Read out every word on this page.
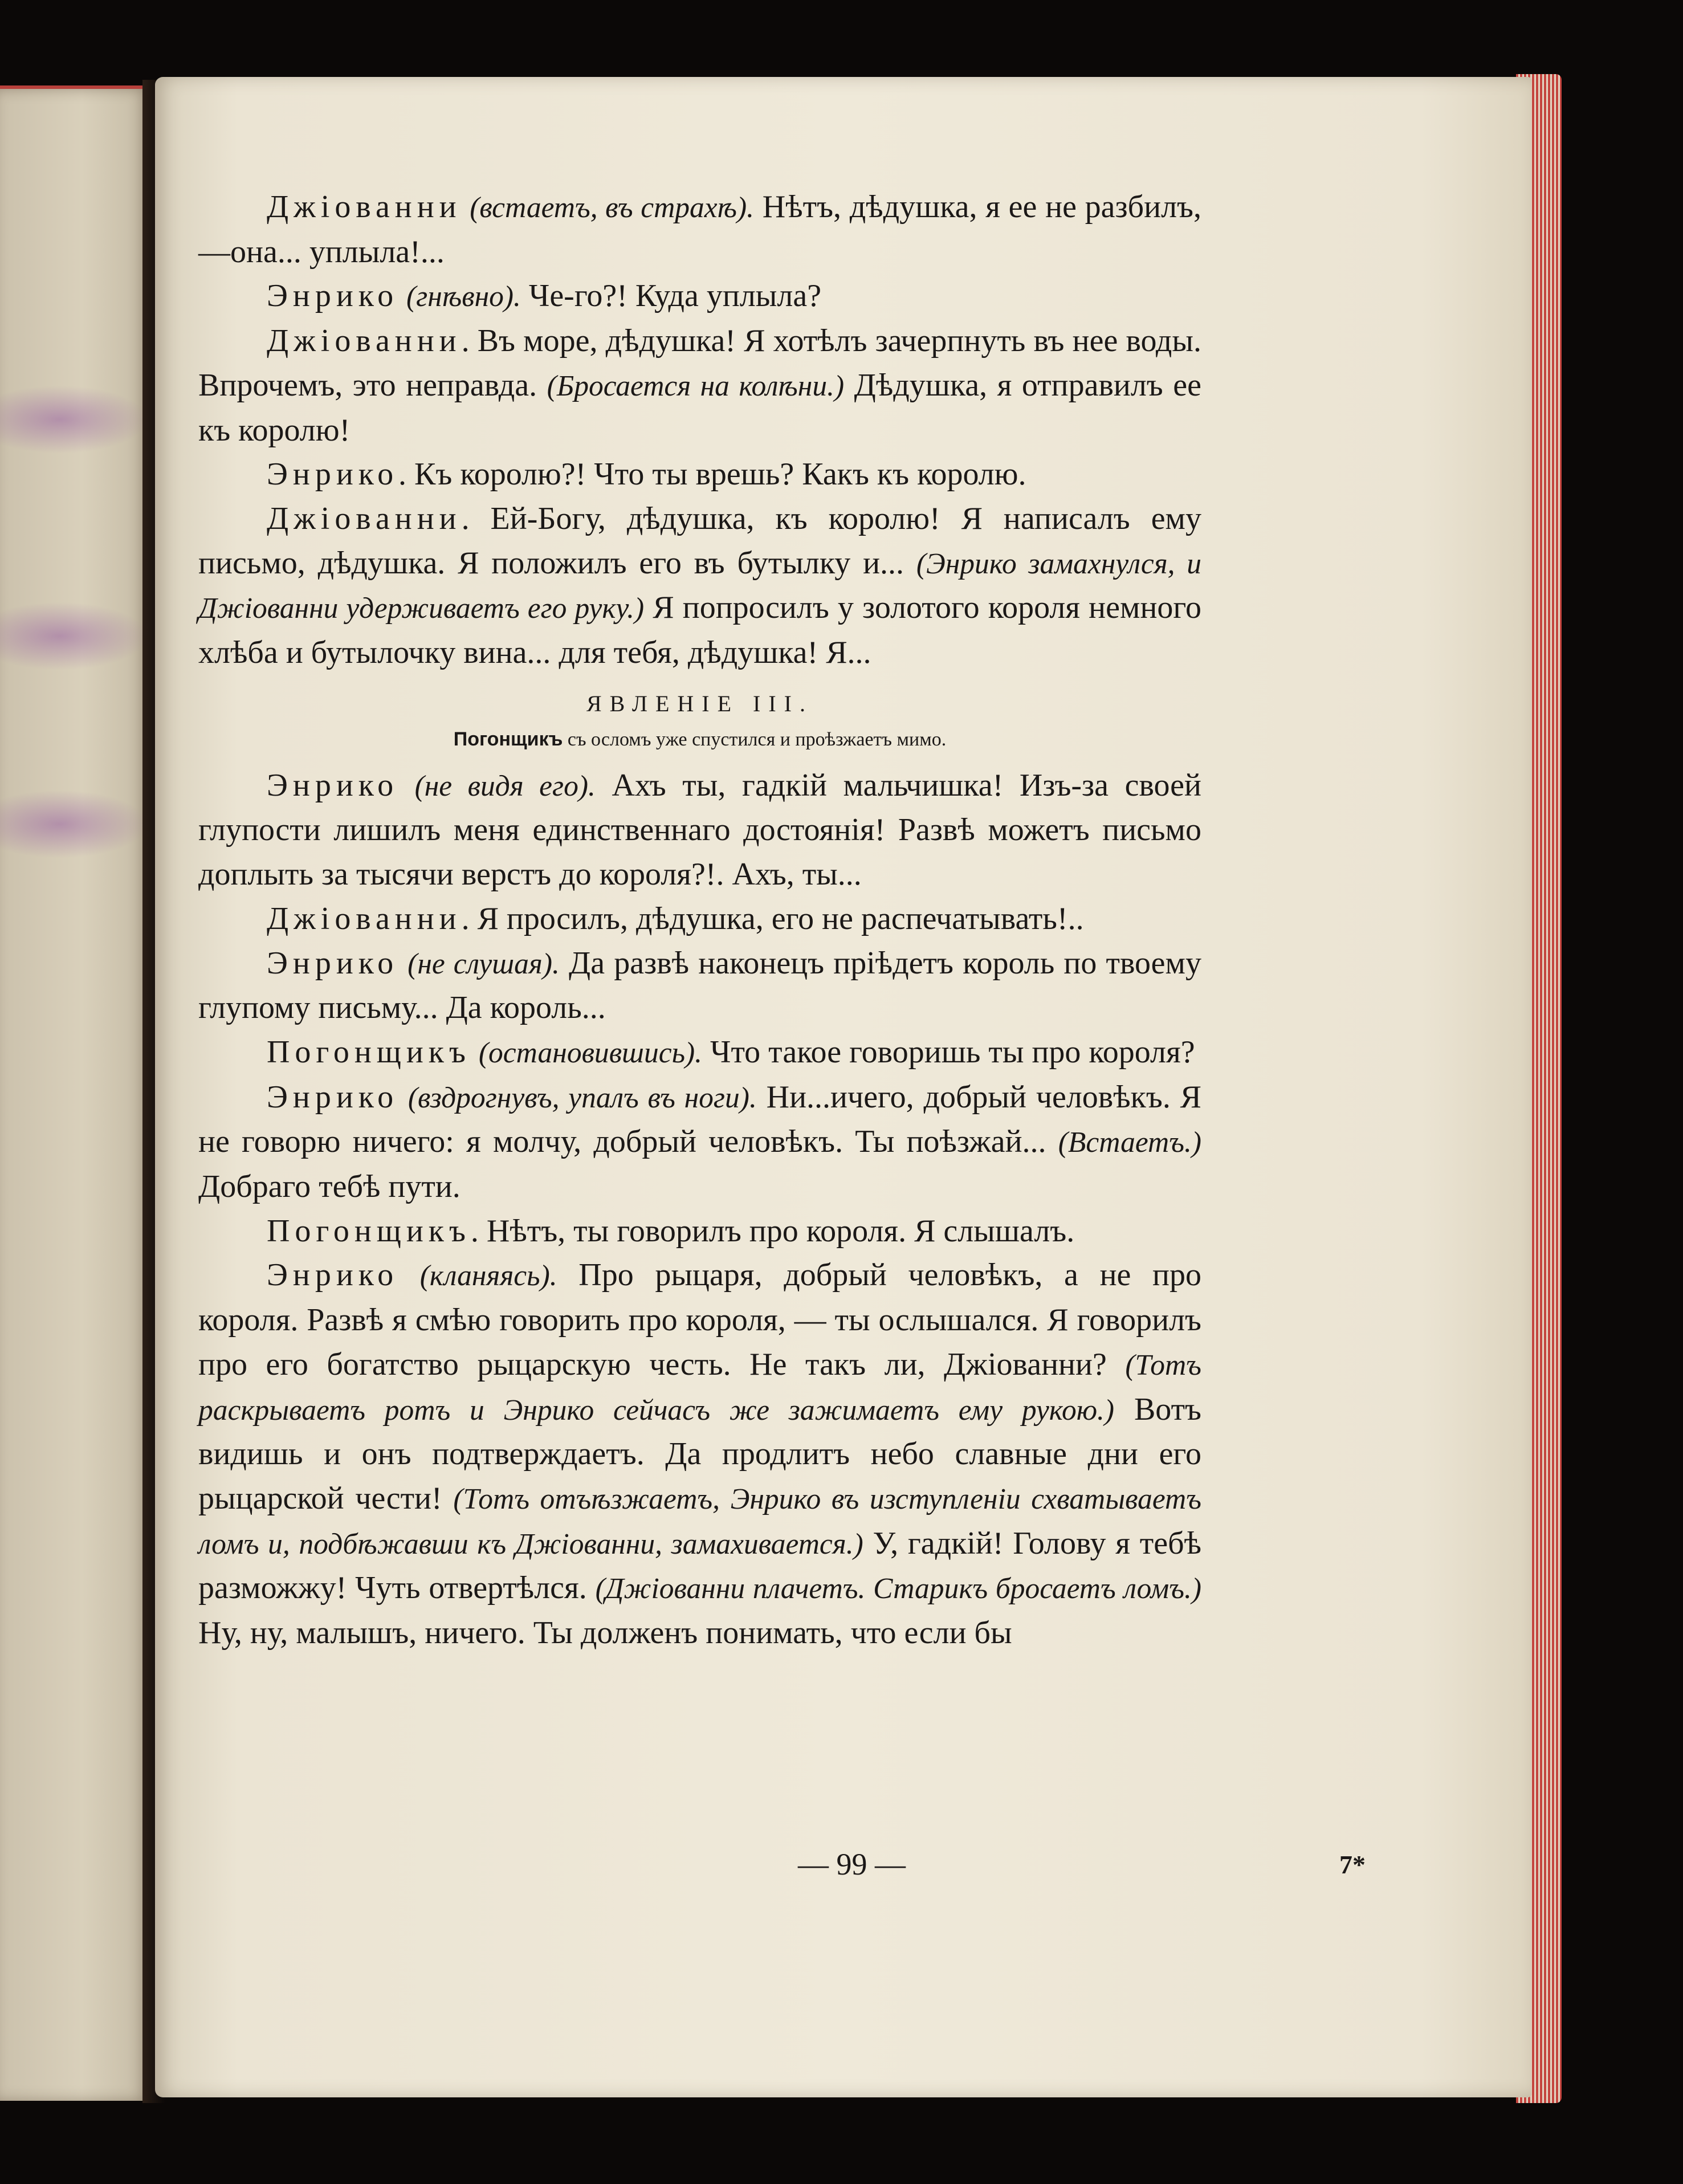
Джіованни (встаетъ, въ страхѣ). Нѣтъ, дѣдушка, я ее не разбилъ,—она... уплыла!...

Энрико (гнѣвно). Че-го?! Куда уплыла?

Джіованни. Въ море, дѣдушка! Я хотѣлъ зачерпнуть въ нее воды. Впрочемъ, это неправда. (Бросается на колѣни.) Дѣдушка, я отправилъ ее къ королю!

Энрико. Къ королю?! Что ты врешь? Какъ къ королю.

Джіованни. Ей-Богу, дѣдушка, къ королю! Я написалъ ему письмо, дѣдушка. Я положилъ его въ бутылку и... (Энрико замахнулся, и Джіованни удерживаетъ его руку.) Я попросилъ у золотого короля немного хлѣба и бутылочку вина... для тебя, дѣдушка! Я...

ЯВЛЕНІЕ III.

Погонщикъ съ осломъ уже спустился и проѣзжаетъ мимо.

Энрико (не видя его). Ахъ ты, гадкій мальчишка! Изъ-за своей глупости лишилъ меня единственнаго достоянія! Развѣ можетъ письмо доплыть за тысячи верстъ до короля?!. Ахъ, ты...

Джіованни. Я просилъ, дѣдушка, его не распечатывать!..

Энрико (не слушая). Да развѣ наконецъ пріѣдетъ король по твоему глупому письму... Да король...

Погонщикъ (остановившись). Что такое говоришь ты про короля?

Энрико (вздрогнувъ, упалъ въ ноги). Ни...ичего, добрый человѣкъ. Я не говорю ничего: я молчу, добрый человѣкъ. Ты поѣзжай... (Встаетъ.) Добраго тебѣ пути.

Погонщикъ. Нѣтъ, ты говорилъ про короля. Я слышалъ.

Энрико (кланяясь). Про рыцаря, добрый человѣкъ, а не про короля. Развѣ я смѣю говорить про короля, — ты ослышался. Я говорилъ про его богатство рыцарскую честь. Не такъ ли, Джіованни? (Тотъ раскрываетъ ротъ и Энрико сейчасъ же зажимаетъ ему рукою.) Вотъ видишь и онъ подтверждаетъ. Да продлитъ небо славные дни его рыцарской чести! (Тотъ отъѣзжаетъ, Энрико въ изступленіи схватываетъ ломъ и, подбѣжавши къ Джіованни, замахивается.) У, гадкій! Голову я тебѣ разможжу! Чуть отвертѣлся. (Джіованни плачетъ. Старикъ бросаетъ ломъ.) Ну, ну, малышъ, ничего. Ты долженъ понимать, что если бы

— 99 —	7*
